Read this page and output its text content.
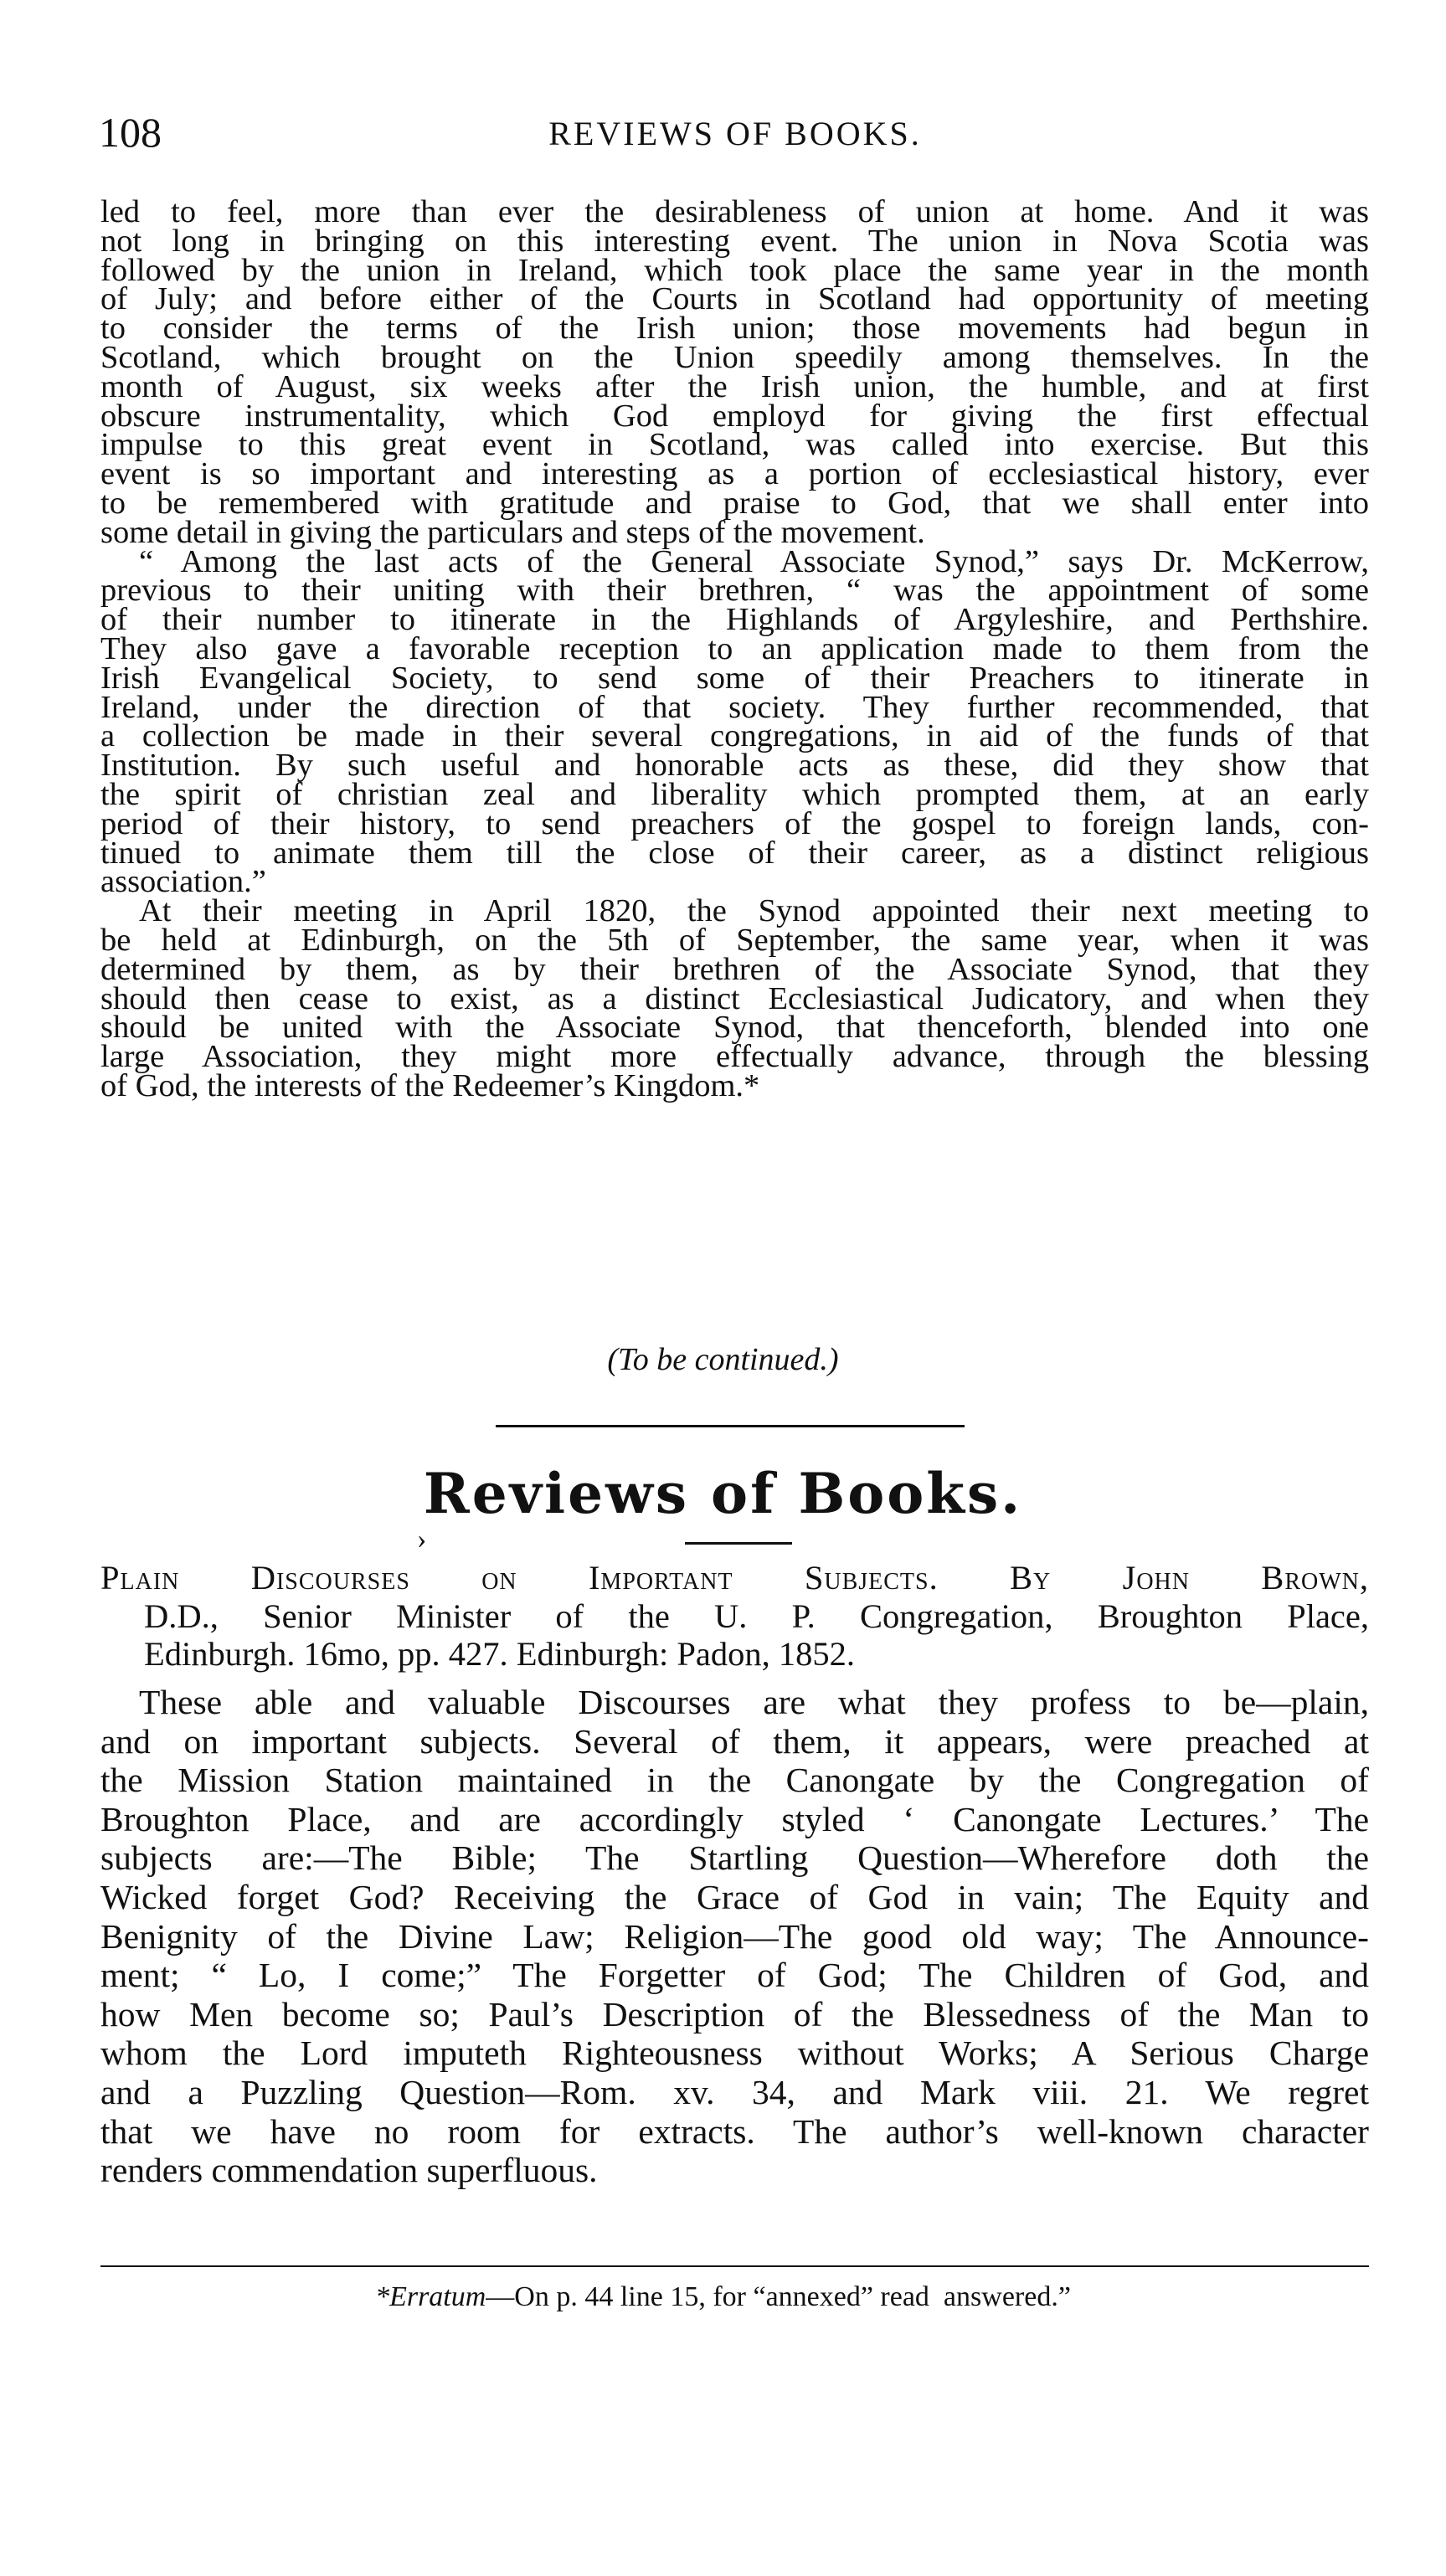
108	REVIEWS OF BOOKS.
led to feel, more than ever the desirableness of union at home. And it was
not long in bringing on this interesting event. The union in Nova Scotia was
followed by the union in Ireland, which took place the same year in the month
of July; and before either of the Courts in Scotland had opportunity of meeting
to consider the terms of the Irish union; those movements had begun in
Scotland, which brought on the Union speedily among themselves. In the
month of August, six weeks after the Irish union, the humble, and at first
obscure instrumentality, which God employd for giving the first effectual
impulse to this great event in Scotland, was called into exercise. But this
event is so important and interesting as a portion of ecclesiastical history, ever
to be remembered with gratitude and praise to God, that we shall enter into
some detail in giving the particulars and steps of the movement.
“ Among the last acts of the General Associate Synod,” says Dr. McKerrow,
previous to their uniting with their brethren, “ was the appointment of some
of their number to itinerate in the Highlands of Argyleshire, and Perthshire.
They also gave a favorable reception to an application made to them from the
Irish Evangelical Society, to send some of their Preachers to itinerate in
Ireland, under the direction of that society. They further recommended, that
a collection be made in their several congregations, in aid of the funds of that
Institution. By such useful and honorable acts as these, did they show that
the spirit of christian zeal and liberality which prompted them, at an early
period of their history, to send preachers of the gospel to foreign lands, con-
tinued to animate them till the close of their career, as a distinct religious
association.”
At their meeting in April 1820, the Synod appointed their next meeting to
be held at Edinburgh, on the 5th of September, the same year, when it was
determined by them, as by their brethren of the Associate Synod, that they
should then cease to exist, as a distinct Ecclesiastical Judicatory, and when they
should be united with the Associate Synod, that thenceforth, blended into one
large Association, they might more effectually advance, through the blessing
of God, the interests of the Redeemer’s Kingdom.*
(To be continued.)
Reviews of Books.
›
Plain Discourses on Important Subjects. By John Brown,
D.D., Senior Minister of the U. P. Congregation, Broughton Place,
Edinburgh. 16mo, pp. 427. Edinburgh: Padon, 1852.
These able and valuable Discourses are what they profess to be—plain,
and on important subjects. Several of them, it appears, were preached at
the Mission Station maintained in the Canongate by the Congregation of
Broughton Place, and are accordingly styled ‘ Canongate Lectures.’ The
subjects are:—The Bible; The Startling Question—Wherefore doth the
Wicked forget God? Receiving the Grace of God in vain; The Equity and
Benignity of the Divine Law; Religion—The good old way; The Announce-
ment; “ Lo, I come;” The Forgetter of God; The Children of God, and
how Men become so; Paul’s Description of the Blessedness of the Man to
whom the Lord imputeth Righteousness without Works; A Serious Charge
and a Puzzling Question—Rom. xv. 34, and Mark viii. 21. We regret
that we have no room for extracts. The author’s well-known character
renders commendation superfluous.
*Erratum—On p. 44 line 15, for “annexed” read  answered.”
